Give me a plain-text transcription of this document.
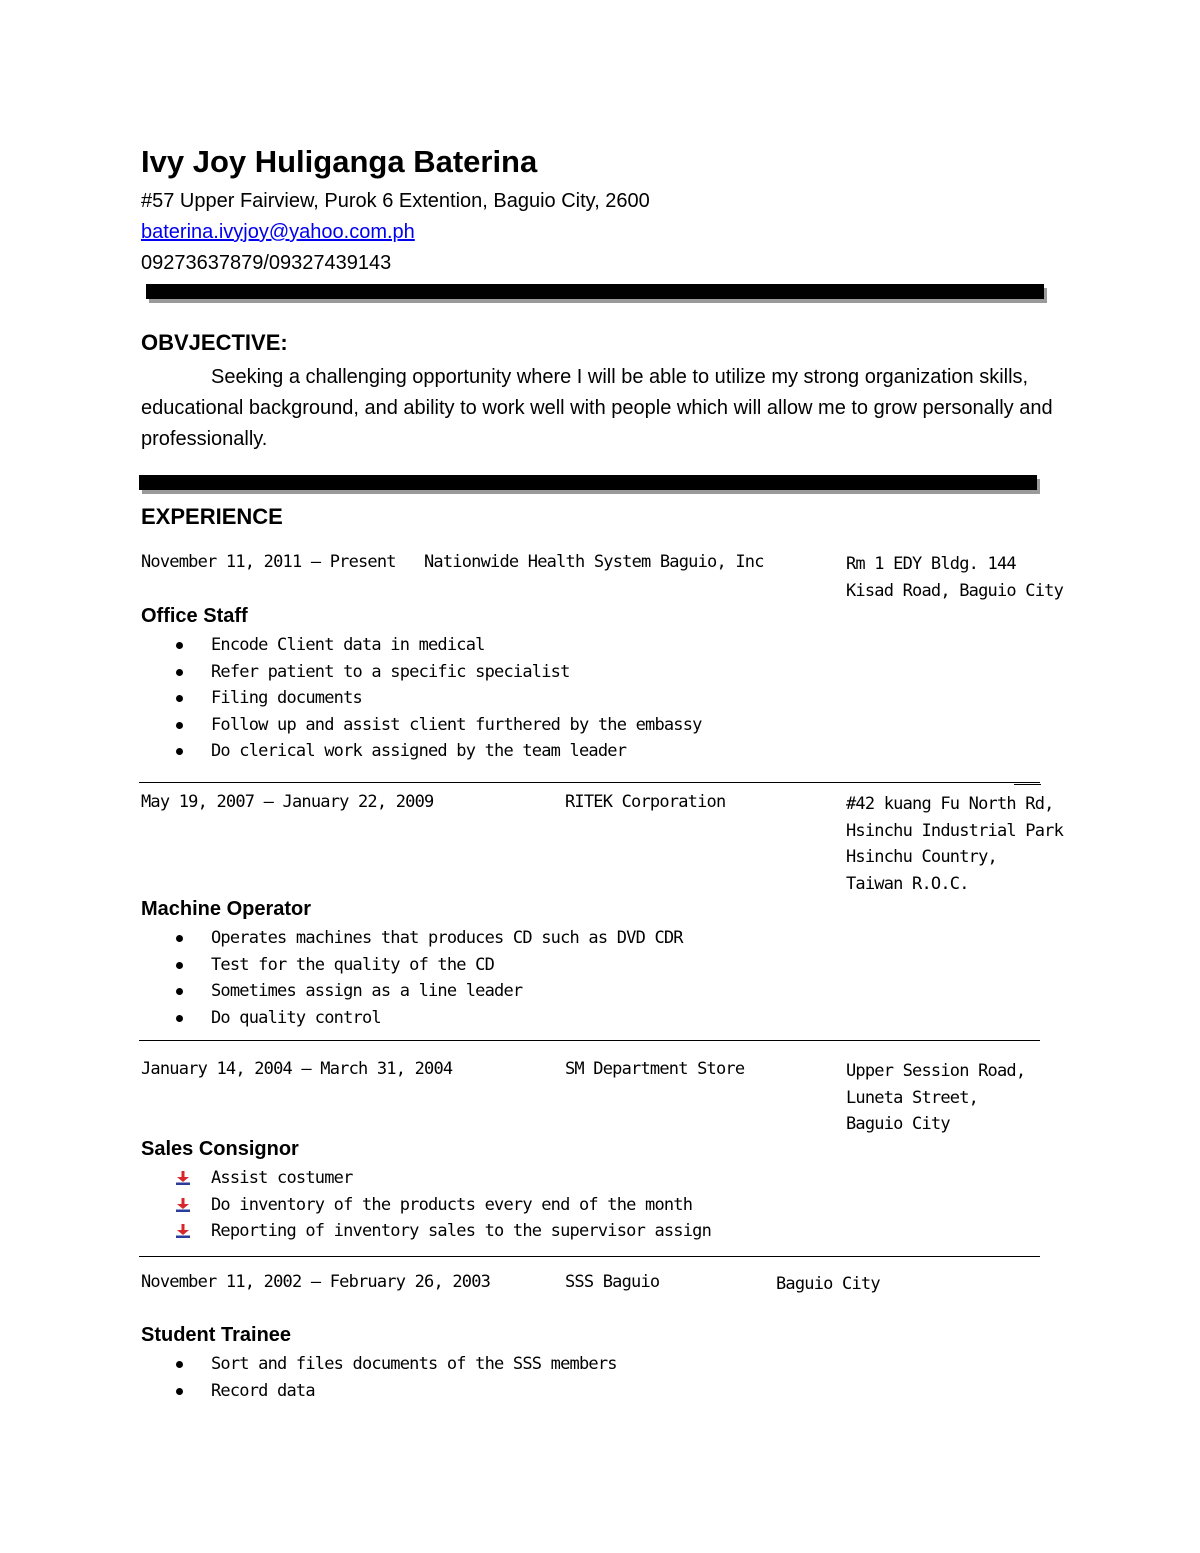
Ivy Joy Huliganga Baterina
#57 Upper Fairview, Purok 6 Extention, Baguio City, 2600
baterina.ivyjoy@yahoo.com.ph
09273637879/09327439143
OBVJECTIVE:
Seeking a challenging opportunity where I will be able to utilize my strong organization skills, educational background, and ability to work well with people which will allow me to grow personally and professionally.
EXPERIENCE
November 11, 2011 – Present Nationwide Health System Baguio, Inc	Rm 1 EDY Bldg. 144
Kisad Road, Baguio City
Office Staff
Encode Client data in medical
Refer patient to a specific specialist
Filing documents
Follow up and assist client furthered by the embassy
Do clerical work assigned by the team leader
May 19, 2007 – January 22, 2009	RITEK Corporation	#42 kuang Fu North Rd,
Hsinchu Industrial Park
Hsinchu Country,
Taiwan R.O.C.
Machine Operator
Operates machines that produces CD such as DVD CDR
Test for the quality of the CD
Sometimes assign as a line leader
Do quality control
January 14, 2004 – March 31, 2004	SM Department Store	Upper Session Road,
Luneta Street,
Baguio City
Sales Consignor
Assist costumer
Do inventory of the products every end of the month
Reporting of inventory sales to the supervisor assign
November 11, 2002 – February 26, 2003	SSS Baguio	Baguio City
Student Trainee
Sort and files documents of the SSS members
Record data
